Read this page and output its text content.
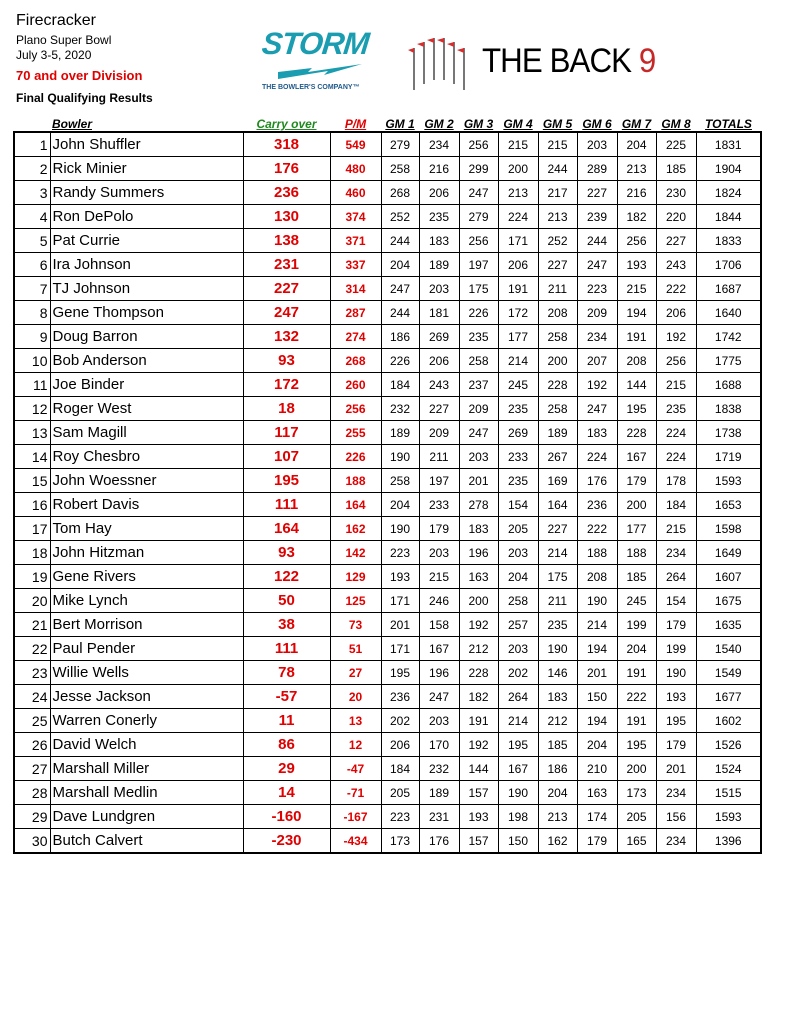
Firecracker
Plano Super Bowl
July 3-5, 2020
70 and over Division
Final Qualifying Results
STORM
THE BOWLER'S COMPANY™
THE BACK 9
	Bowler	Carry over	P/M	GM 1	GM 2	GM 3	GM 4	GM 5	GM 6	GM 7	GM 8	TOTALS
1	John Shuffler	318	549	279	234	256	215	215	203	204	225	1831
2	Rick Minier	176	480	258	216	299	200	244	289	213	185	1904
3	Randy Summers	236	460	268	206	247	213	217	227	216	230	1824
4	Ron DePolo	130	374	252	235	279	224	213	239	182	220	1844
5	Pat Currie	138	371	244	183	256	171	252	244	256	227	1833
6	Ira Johnson	231	337	204	189	197	206	227	247	193	243	1706
7	TJ Johnson	227	314	247	203	175	191	211	223	215	222	1687
8	Gene Thompson	247	287	244	181	226	172	208	209	194	206	1640
9	Doug Barron	132	274	186	269	235	177	258	234	191	192	1742
10	Bob Anderson	93	268	226	206	258	214	200	207	208	256	1775
11	Joe Binder	172	260	184	243	237	245	228	192	144	215	1688
12	Roger West	18	256	232	227	209	235	258	247	195	235	1838
13	Sam Magill	117	255	189	209	247	269	189	183	228	224	1738
14	Roy Chesbro	107	226	190	211	203	233	267	224	167	224	1719
15	John Woessner	195	188	258	197	201	235	169	176	179	178	1593
16	Robert Davis	111	164	204	233	278	154	164	236	200	184	1653
17	Tom Hay	164	162	190	179	183	205	227	222	177	215	1598
18	John Hitzman	93	142	223	203	196	203	214	188	188	234	1649
19	Gene Rivers	122	129	193	215	163	204	175	208	185	264	1607
20	Mike Lynch	50	125	171	246	200	258	211	190	245	154	1675
21	Bert Morrison	38	73	201	158	192	257	235	214	199	179	1635
22	Paul Pender	111	51	171	167	212	203	190	194	204	199	1540
23	Willie Wells	78	27	195	196	228	202	146	201	191	190	1549
24	Jesse Jackson	-57	20	236	247	182	264	183	150	222	193	1677
25	Warren Conerly	11	13	202	203	191	214	212	194	191	195	1602
26	David Welch	86	12	206	170	192	195	185	204	195	179	1526
27	Marshall Miller	29	-47	184	232	144	167	186	210	200	201	1524
28	Marshall Medlin	14	-71	205	189	157	190	204	163	173	234	1515
29	Dave Lundgren	-160	-167	223	231	193	198	213	174	205	156	1593
30	Butch Calvert	-230	-434	173	176	157	150	162	179	165	234	1396
